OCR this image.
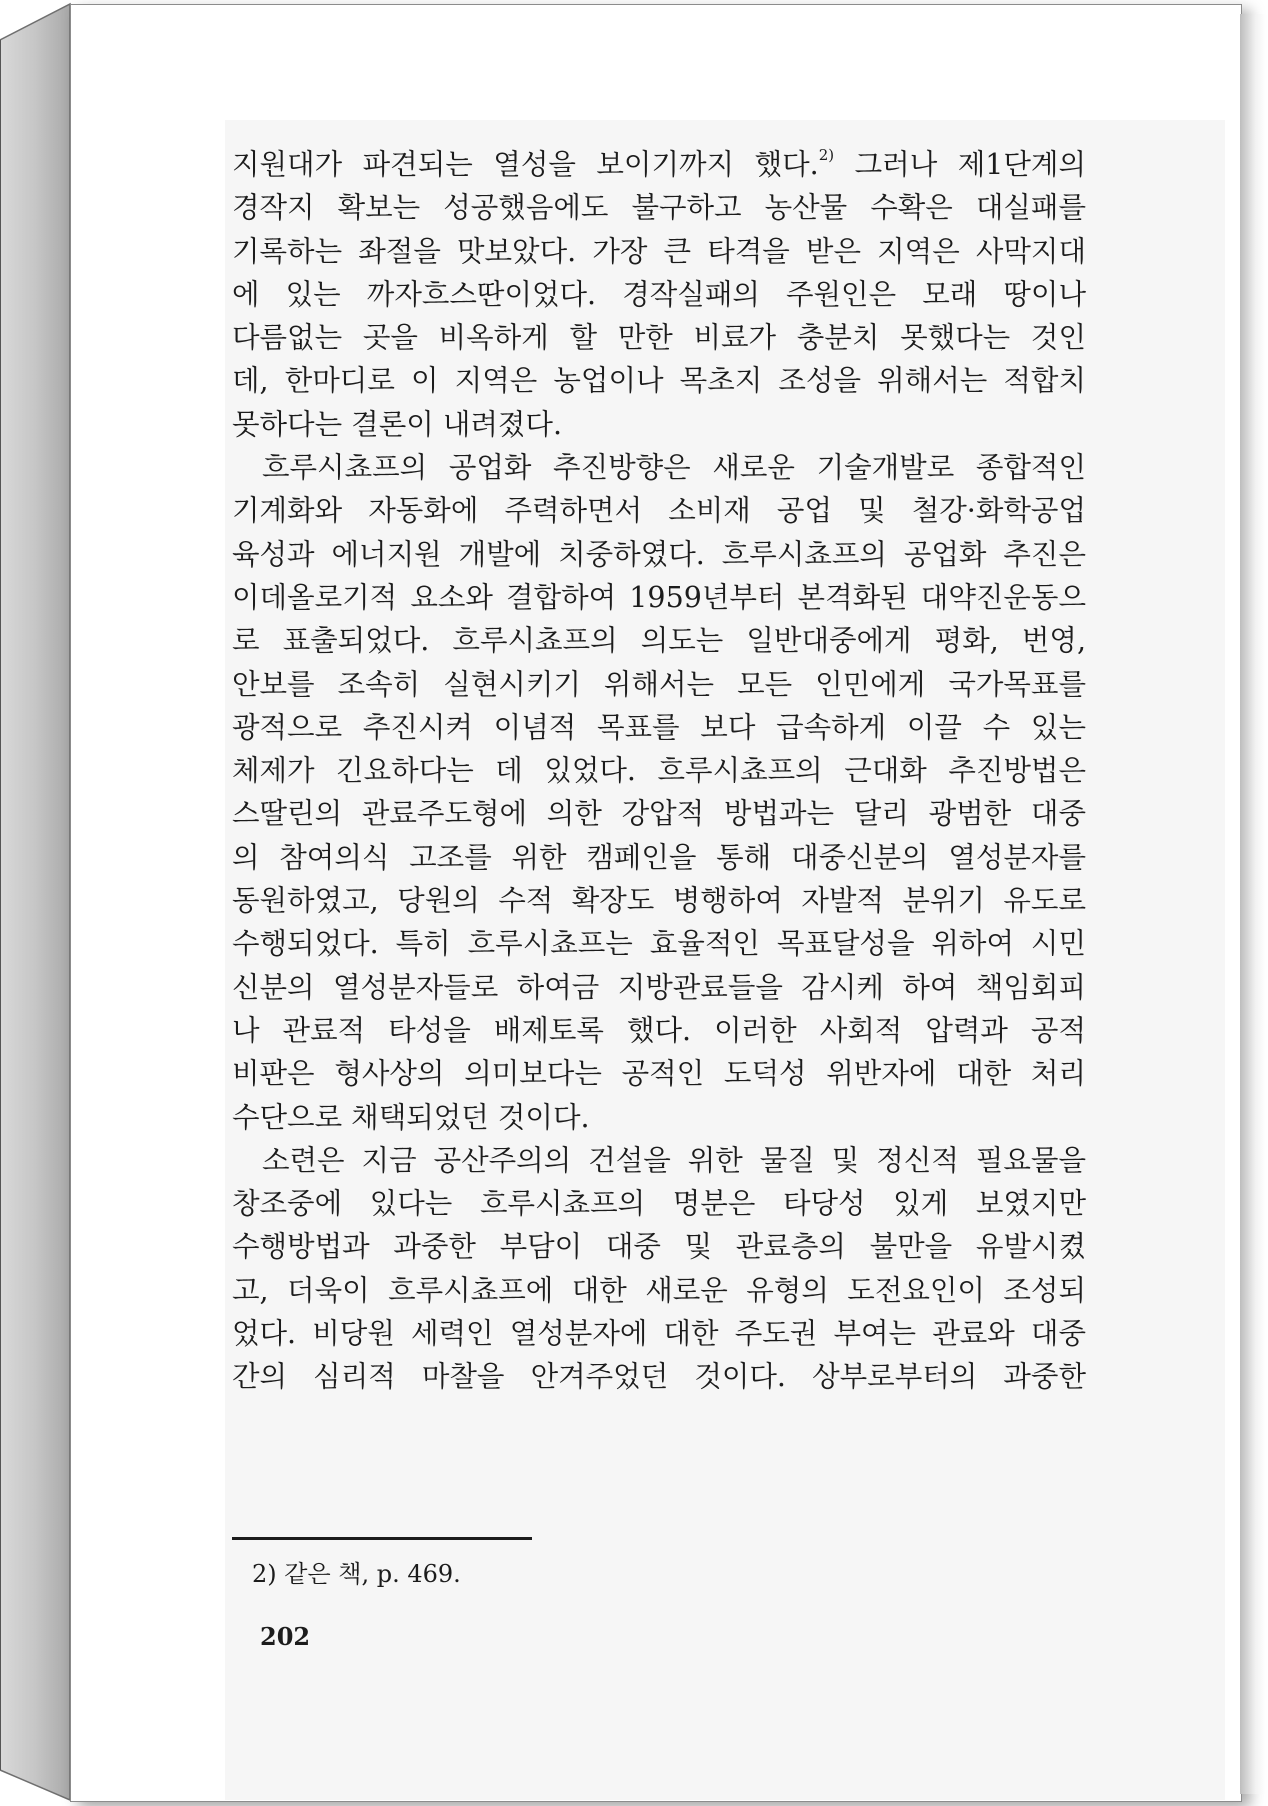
지원대가 파견되는 열성을 보이기까지 했다.$^{2)}$ 그러나 제1단계의
경작지 확보는 성공했음에도 불구하고 농산물 수확은 대실패를
기록하는 좌절을 맛보았다. 가장 큰 타격을 받은 지역은 사막지대
에 있는 까자흐스딴이었다. 경작실패의 주원인은 모래 땅이나
다름없는 곳을 비옥하게 할 만한 비료가 충분치 못했다는 것인
데, 한마디로 이 지역은 농업이나 목초지 조성을 위해서는 적합치
못하다는 결론이 내려졌다.
흐루시쵸프의 공업화 추진방향은 새로운 기술개발로 종합적인
기계화와 자동화에 주력하면서 소비재 공업 및 철강·화학공업
육성과 에너지원 개발에 치중하였다. 흐루시쵸프의 공업화 추진은
이데올로기적 요소와 결합하여 1959년부터 본격화된 대약진운동으
로 표출되었다. 흐루시쵸프의 의도는 일반대중에게 평화, 번영,
안보를 조속히 실현시키기 위해서는 모든 인민에게 국가목표를
광적으로 추진시켜 이념적 목표를 보다 급속하게 이끌 수 있는
체제가 긴요하다는 데 있었다. 흐루시쵸프의 근대화 추진방법은
스딸린의 관료주도형에 의한 강압적 방법과는 달리 광범한 대중
의 참여의식 고조를 위한 캠페인을 통해 대중신분의 열성분자를
동원하였고, 당원의 수적 확장도 병행하여 자발적 분위기 유도로
수행되었다. 특히 흐루시쵸프는 효율적인 목표달성을 위하여 시민
신분의 열성분자들로 하여금 지방관료들을 감시케 하여 책임회피
나 관료적 타성을 배제토록 했다. 이러한 사회적 압력과 공적
비판은 형사상의 의미보다는 공적인 도덕성 위반자에 대한 처리
수단으로 채택되었던 것이다.
소련은 지금 공산주의의 건설을 위한 물질 및 정신적 필요물을
창조중에 있다는 흐루시쵸프의 명분은 타당성 있게 보였지만
수행방법과 과중한 부담이 대중 및 관료층의 불만을 유발시켰
고, 더욱이 흐루시쵸프에 대한 새로운 유형의 도전요인이 조성되
었다. 비당원 세력인 열성분자에 대한 주도권 부여는 관료와 대중
간의 심리적 마찰을 안겨주었던 것이다. 상부로부터의 과중한
2) 같은 책, p. 469.
202
